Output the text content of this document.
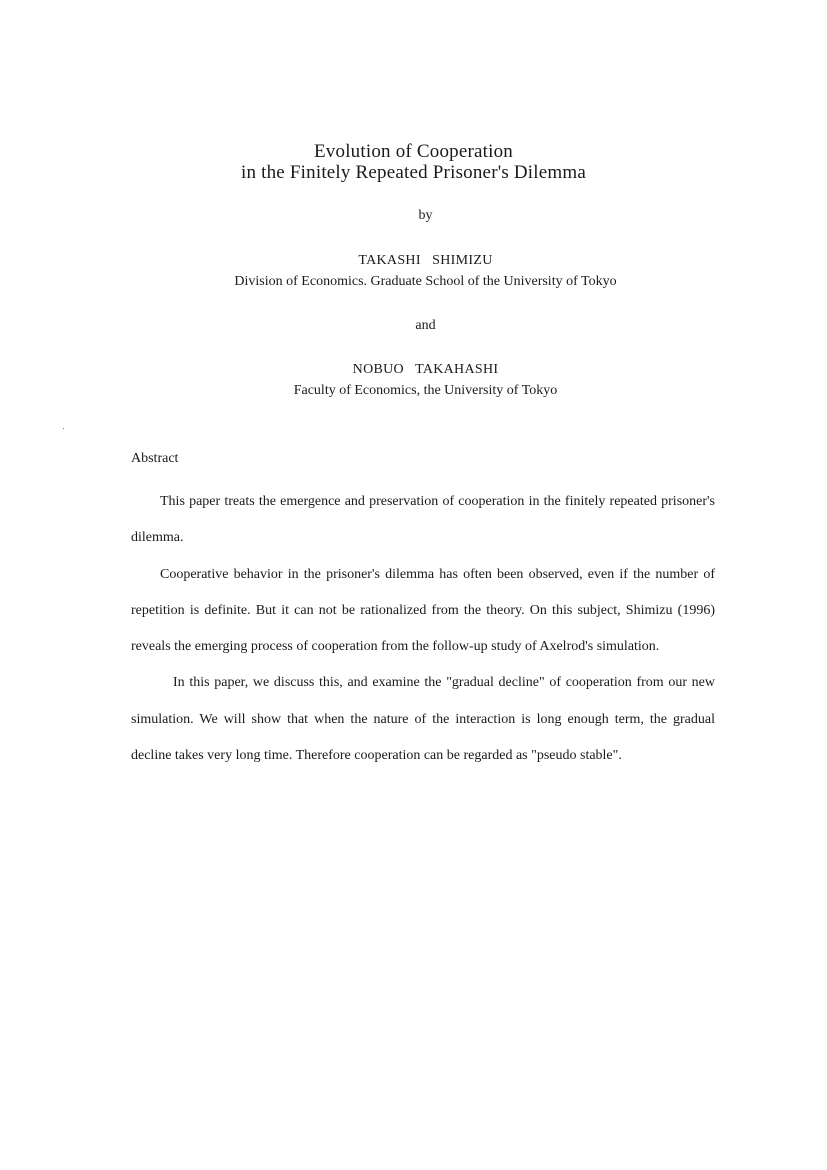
Evolution of Cooperation
in the Finitely Repeated Prisoner's Dilemma
by
TAKASHI   SHIMIZU
Division of Economics. Graduate School of the University of Tokyo
and
NOBUO   TAKAHASHI
Faculty of Economics, the University of Tokyo
Abstract

This paper treats the emergence and preservation of cooperation in the finitely repeated prisoner's dilemma.

Cooperative behavior in the prisoner's dilemma has often been observed, even if the number of repetition is definite. But it can not be rationalized from the theory. On this subject, Shimizu (1996) reveals the emerging process of cooperation from the follow-up study of Axelrod's simulation.

In this paper, we discuss this, and examine the "gradual decline" of cooperation from our new simulation. We will show that when the nature of the interaction is long enough term, the gradual decline takes very long time. Therefore cooperation can be regarded as "pseudo stable".
